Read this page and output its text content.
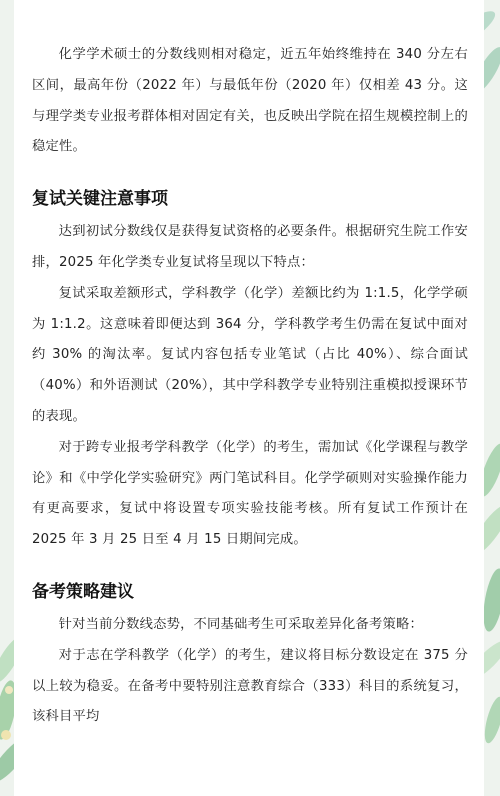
化学学术硕士的分数线则相对稳定，近五年始终维持在 340 分左右区间，最高年份（2022 年）与最低年份（2020 年）仅相差 43 分。这与理学类专业报考群体相对固定有关，也反映出学院在招生规模控制上的稳定性。

复试关键注意事项

达到初试分数线仅是获得复试资格的必要条件。根据研究生院工作安排，2025 年化学类专业复试将呈现以下特点：

复试采取差额形式，学科教学（化学）差额比约为 1:1.5，化学学硕为 1:1.2。这意味着即便达到 364 分，学科教学考生仍需在复试中面对约 30% 的淘汰率。复试内容包括专业笔试（占比 40%）、综合面试（40%）和外语测试（20%），其中学科教学专业特别注重模拟授课环节的表现。

对于跨专业报考学科教学（化学）的考生，需加试《化学课程与教学论》和《中学化学实验研究》两门笔试科目。化学学硕则对实验操作能力有更高要求，复试中将设置专项实验技能考核。所有复试工作预计在 2025 年 3 月 25 日至 4 月 15 日期间完成。

备考策略建议

针对当前分数线态势，不同基础考生可采取差异化备考策略：

对于志在学科教学（化学）的考生，建议将目标分数设定在 375 分以上较为稳妥。在备考中要特别注意教育综合（333）科目的系统复习，该科目平均
